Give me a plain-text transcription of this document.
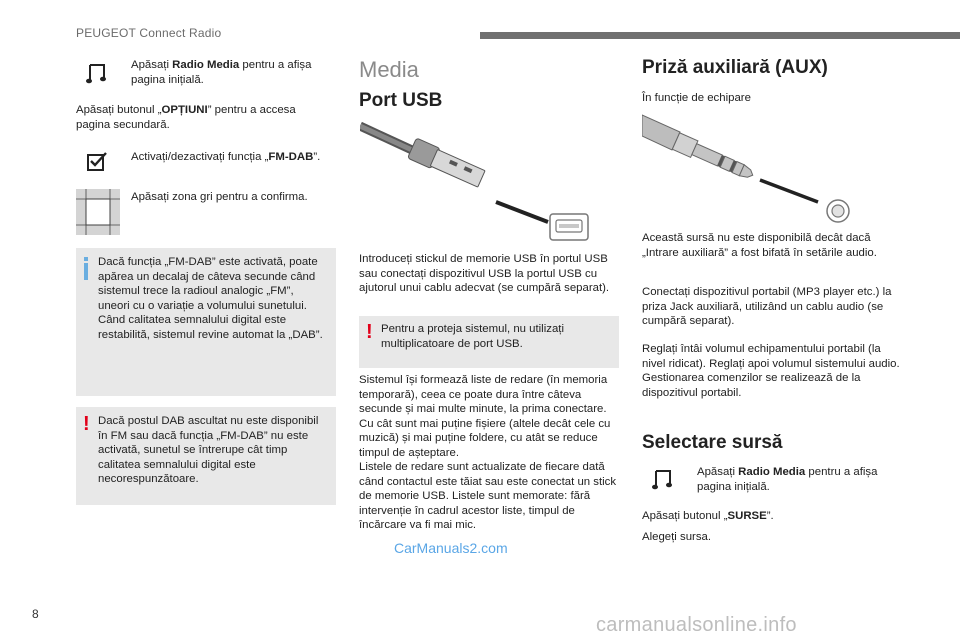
PEUGEOT Connect Radio

Apăsați Radio Media pentru a afișa pagina inițială.

Apăsați butonul „OPȚIUNI” pentru a accesa pagina secundară.

Activați/dezactivați funcția „FM-DAB”.

Apăsați zona gri pentru a confirma.

Dacă funcția „FM-DAB” este activată, poate apărea un decalaj de câteva secunde când sistemul trece la radioul analogic „FM”, uneori cu o variație a volumului sunetului.
Când calitatea semnalului digital este restabilită, sistemul revine automat la „DAB”.

! Dacă postul DAB ascultat nu este disponibil în FM sau dacă funcția „FM-DAB” nu este activată, sunetul se întrerupe cât timp calitatea semnalului digital este necorespunzătoare.

Media
Port USB

Introduceți stickul de memorie USB în portul USB sau conectați dispozitivul USB la portul USB cu ajutorul unui cablu adecvat (se cumpără separat).

! Pentru a proteja sistemul, nu utilizați multiplicatoare de port USB.

Sistemul își formează liste de redare (în memoria temporară), ceea ce poate dura între câteva secunde și mai multe minute, la prima conectare.
Cu cât sunt mai puține fișiere (altele decât cele cu muzică) și mai puține foldere, cu atât se reduce timpul de așteptare.
Listele de redare sunt actualizate de fiecare dată când contactul este tăiat sau este conectat un stick de memorie USB. Listele sunt memorate: fără intervenție în cadrul acestor liste, timpul de încărcare va fi mai mic.

Priză auxiliară (AUX)

În funcție de echipare

Această sursă nu este disponibilă decât dacă „Intrare auxiliară” a fost bifată în setările audio.

Conectați dispozitivul portabil (MP3 player etc.) la priza Jack auxiliară, utilizând un cablu audio (se cumpără separat).

Reglați întâi volumul echipamentului portabil (la nivel ridicat). Reglați apoi volumul sistemului audio.
Gestionarea comenzilor se realizează de la dispozitivul portabil.

Selectare sursă

Apăsați Radio Media pentru a afișa pagina inițială.

Apăsați butonul „SURSE”.

Alegeți sursa.

8
CarManuals2.com
carmanualsonline.info
